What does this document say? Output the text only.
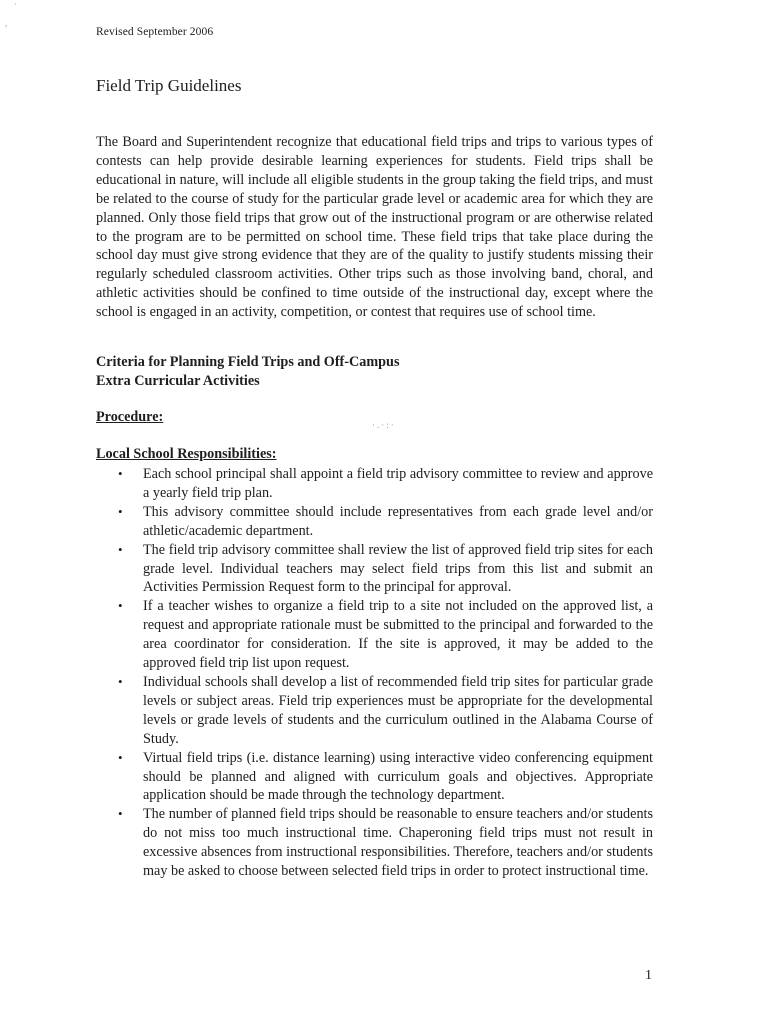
`
,
·.·:·
Revised September 2006
Field Trip Guidelines

The Board and Superintendent recognize that educational field trips and trips to various types of contests can help provide desirable learning experiences for students. Field trips shall be educational in nature, will include all eligible students in the group taking the field trips, and must be related to the course of study for the particular grade level or academic area for which they are planned. Only those field trips that grow out of the instructional program or are otherwise related to the program are to be permitted on school time. These field trips that take place during the school day must give strong evidence that they are of the quality to justify students missing their regularly scheduled classroom activities. Other trips such as those involving band, choral, and athletic activities should be confined to time outside of the instructional day, except where the school is engaged in an activity, competition, or contest that requires use of school time.

Criteria for Planning Field Trips and Off-Campus
Extra Curricular Activities
Procedure:
Local School Responsibilities:
• Each school principal shall appoint a field trip advisory committee to review and approve a yearly field trip plan.
• This advisory committee should include representatives from each grade level and/or athletic/academic department.
• The field trip advisory committee shall review the list of approved field trip sites for each grade level. Individual teachers may select field trips from this list and submit an Activities Permission Request form to the principal for approval.
• If a teacher wishes to organize a field trip to a site not included on the approved list, a request and appropriate rationale must be submitted to the principal and forwarded to the area coordinator for consideration. If the site is approved, it may be added to the approved field trip list upon request.
• Individual schools shall develop a list of recommended field trip sites for particular grade levels or subject areas. Field trip experiences must be appropriate for the developmental levels or grade levels of students and the curriculum outlined in the Alabama Course of Study.
• Virtual field trips (i.e. distance learning) using interactive video conferencing equipment should be planned and aligned with curriculum goals and objectives. Appropriate application should be made through the technology department.
• The number of planned field trips should be reasonable to ensure teachers and/or students do not miss too much instructional time. Chaperoning field trips must not result in excessive absences from instructional responsibilities. Therefore, teachers and/or students may be asked to choose between selected field trips in order to protect instructional time.
1
